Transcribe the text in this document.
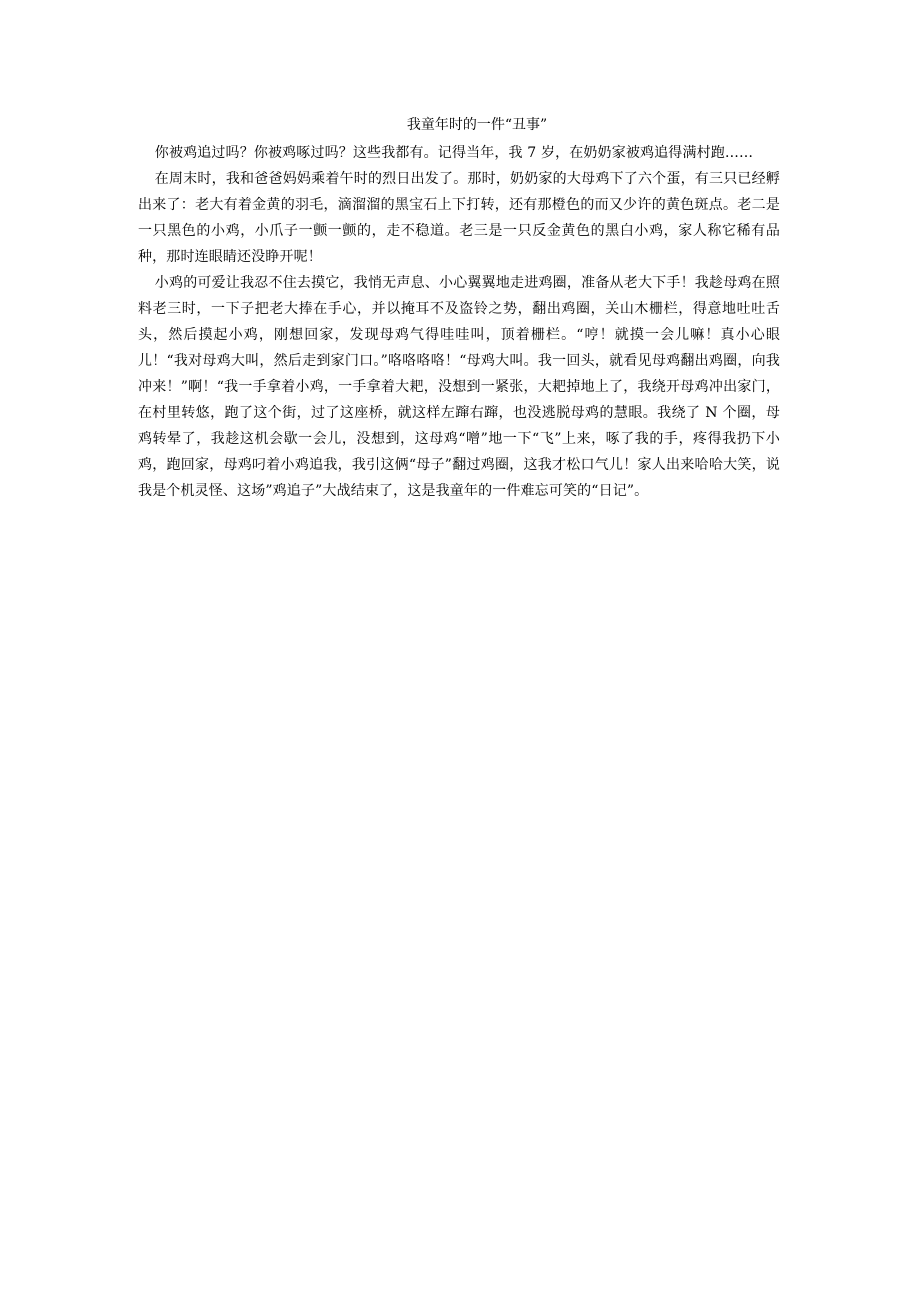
我童年时的一件“丑事”

你被鸡追过吗？你被鸡啄过吗？这些我都有。记得当年，我 7 岁，在奶奶家被鸡追得满村跑……

在周末时，我和爸爸妈妈乘着午时的烈日出发了。那时，奶奶家的大母鸡下了六个蛋，有三只已经孵出来了：老大有着金黄的羽毛，滴溜溜的黑宝石上下打转，还有那橙色的而又少许的黄色斑点。老二是一只黑色的小鸡，小爪子一颤一颤的，走不稳道。老三是一只反金黄色的黑白小鸡，家人称它稀有品种，那时连眼睛还没睁开呢！

小鸡的可爱让我忍不住去摸它，我悄无声息、小心翼翼地走进鸡圈，准备从老大下手！我趁母鸡在照料老三时，一下子把老大捧在手心，并以掩耳不及盗铃之势，翻出鸡圈，关山木栅栏，得意地吐吐舌头，然后摸起小鸡，刚想回家，发现母鸡气得哇哇叫，顶着栅栏。“哼！就摸一会儿嘛！真小心眼儿！“我对母鸡大叫，然后走到家门口。”咯咯咯咯！“母鸡大叫。我一回头，就看见母鸡翻出鸡圈，向我冲来！”啊！“我一手拿着小鸡，一手拿着大耙，没想到一紧张，大耙掉地上了，我绕开母鸡冲出家门，在村里转悠，跑了这个街，过了这座桥，就这样左蹿右蹿，也没逃脱母鸡的慧眼。我绕了 N 个圈，母鸡转晕了，我趁这机会歇一会儿，没想到，这母鸡“噌”地一下“飞”上来，啄了我的手，疼得我扔下小鸡，跑回家，母鸡叼着小鸡追我，我引这俩“母子”翻过鸡圈，这我才松口气儿！家人出来哈哈大笑，说我是个机灵怪、这场”鸡追子”大战结束了，这是我童年的一件难忘可笑的“日记”。
